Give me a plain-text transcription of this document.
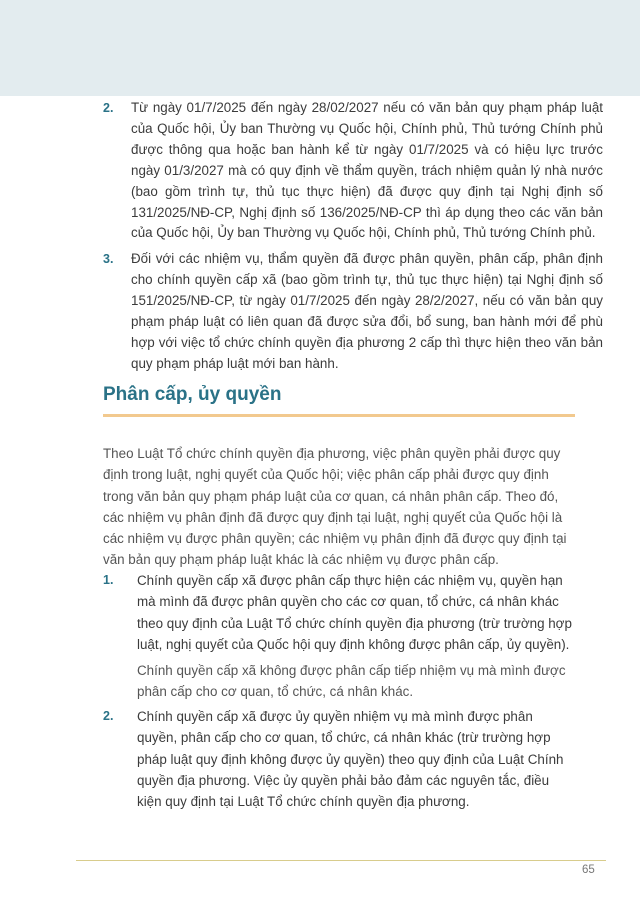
2. Từ ngày 01/7/2025 đến ngày 28/02/2027 nếu có văn bản quy phạm pháp luật của Quốc hội, Ủy ban Thường vụ Quốc hội, Chính phủ, Thủ tướng Chính phủ được thông qua hoặc ban hành kể từ ngày 01/7/2025 và có hiệu lực trước ngày 01/3/2027 mà có quy định về thẩm quyền, trách nhiệm quản lý nhà nước (bao gồm trình tự, thủ tục thực hiện) đã được quy định tại Nghị định số 131/2025/NĐ-CP, Nghị định số 136/2025/NĐ-CP thì áp dụng theo các văn bản của Quốc hội, Ủy ban Thường vụ Quốc hội, Chính phủ, Thủ tướng Chính phủ.
3. Đối với các nhiệm vụ, thẩm quyền đã được phân quyền, phân cấp, phân định cho chính quyền cấp xã (bao gồm trình tự, thủ tục thực hiện) tại Nghị định số 151/2025/NĐ-CP, từ ngày 01/7/2025 đến ngày 28/2/2027, nếu có văn bản quy phạm pháp luật có liên quan đã được sửa đổi, bổ sung, ban hành mới để phù hợp với việc tổ chức chính quyền địa phương 2 cấp thì thực hiện theo văn bản quy phạm pháp luật mới ban hành.
Phân cấp, ủy quyền
Theo Luật Tổ chức chính quyền địa phương, việc phân quyền phải được quy định trong luật, nghị quyết của Quốc hội; việc phân cấp phải được quy định trong văn bản quy phạm pháp luật của cơ quan, cá nhân phân cấp. Theo đó, các nhiệm vụ phân định đã được quy định tại luật, nghị quyết của Quốc hội là các nhiệm vụ được phân quyền; các nhiệm vụ phân định đã được quy định tại văn bản quy phạm pháp luật khác là các nhiệm vụ được phân cấp.
1. Chính quyền cấp xã được phân cấp thực hiện các nhiệm vụ, quyền hạn mà mình đã được phân quyền cho các cơ quan, tổ chức, cá nhân khác theo quy định của Luật Tổ chức chính quyền địa phương (trừ trường hợp luật, nghị quyết của Quốc hội quy định không được phân cấp, ủy quyền).
Chính quyền cấp xã không được phân cấp tiếp nhiệm vụ mà mình được phân cấp cho cơ quan, tổ chức, cá nhân khác.
2. Chính quyền cấp xã được ủy quyền nhiệm vụ mà mình được phân quyền, phân cấp cho cơ quan, tổ chức, cá nhân khác (trừ trường hợp pháp luật quy định không được ủy quyền) theo quy định của Luật Chính quyền địa phương. Việc ủy quyền phải bảo đảm các nguyên tắc, điều kiện quy định tại Luật Tổ chức chính quyền địa phương.
65
